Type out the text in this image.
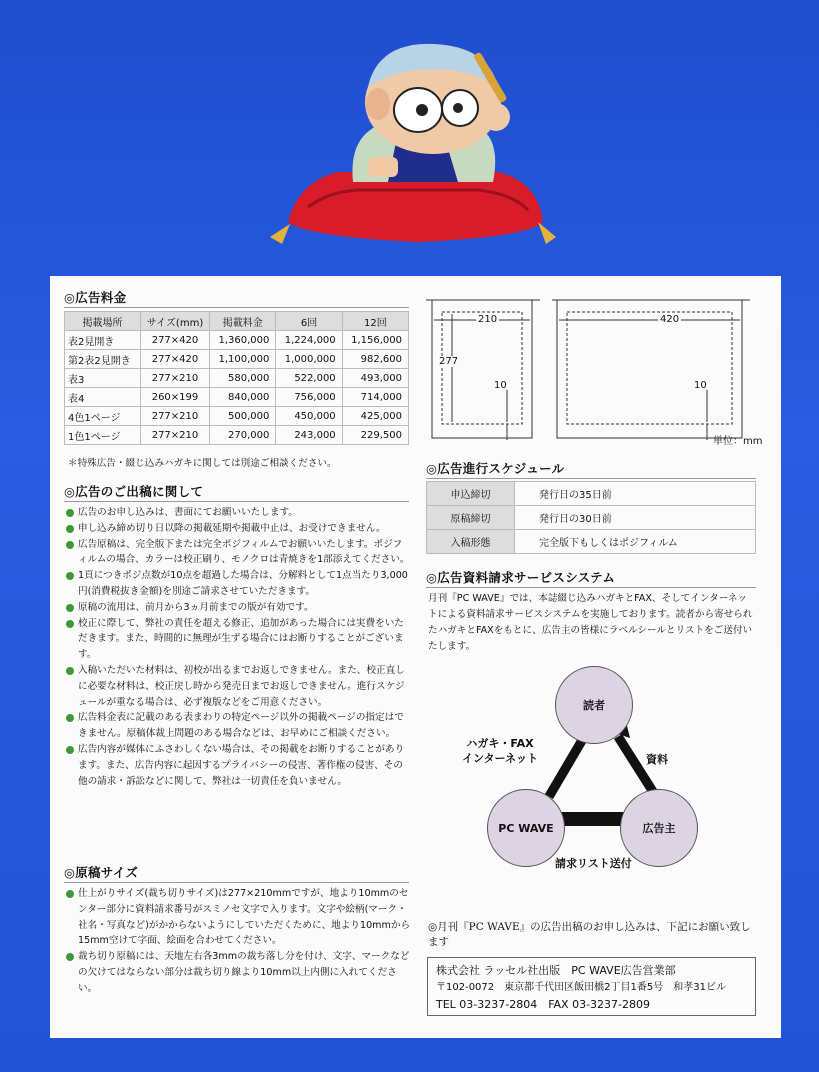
◎広告料金
掲載場所	サイズ(mm)	掲載料金	6回	12回
表2見開き	277×420	1,360,000	1,224,000	1,156,000
第2表2見開き	277×420	1,100,000	1,000,000	982,600
表3	277×210	580,000	522,000	493,000
表4	260×199	840,000	756,000	714,000
4色1ページ	277×210	500,000	450,000	425,000
1色1ページ	277×210	270,000	243,000	229,500
＊特殊広告・綴じ込みハガキに関しては別途ご相談ください。
◎広告のご出稿に関して
広告のお申し込みは、書面にてお願いいたします。
申し込み締め切り日以降の掲載延期や掲載中止は、お受けできません。
広告原稿は、完全版下または完全ポジフィルムでお願いいたします。ポジフィルムの場合、カラーは校正刷り、モノクロは青焼きを1部添えてください。
1頁につきポジ点数が10点を超過した場合は、分解料として1点当たり3,000円(消費税抜き金額)を別途ご請求させていただきます。
原稿の流用は、前月から3ヵ月前までの版が有効です。
校正に際して、弊社の責任を超える修正、追加があった場合には実費をいただきます。また、時間的に無理が生ずる場合にはお断りすることがございます。
入稿いただいた材料は、初校が出るまでお返しできません。また、校正直しに必要な材料は、校正戻し時から発売日までお返しできません。進行スケジュールが重なる場合は、必ず複版などをご用意ください。
広告料金表に記載のある表まわりの特定ページ以外の掲載ページの指定はできません。原稿体裁上問題のある場合などは、お早めにご相談ください。
広告内容が媒体にふさわしくない場合は、その掲載をお断りすることがあります。また、広告内容に起因するプライバシーの侵害、著作権の侵害、その他の請求・訴訟などに関して、弊社は一切責任を負いません。
◎原稿サイズ
仕上がりサイズ(裁ち切りサイズ)は277×210mmですが、地より10mmのセンター部分に資料請求番号がスミノセ文字で入ります。文字や絵柄(マーク・社名・写真など)がかからないようにしていただくために、地より10mmから15mm空けて字面、絵面を合わせてください。
裁ち切り原稿には、天地左右各3mmの裁ち落し分を付け、文字、マークなどの欠けてはならない部分は裁ち切り線より10mm以上内側に入れてください。
210	420
277
10	10
単位：mm
◎広告進行スケジュール
申込締切	発行日の35日前
原稿締切	発行日の30日前
入稿形態	完全版下もしくはポジフィルム
◎広告資料請求サービスシステム
月刊『PC WAVE』では、本誌綴じ込みハガキとFAX、そしてインターネットによる資料請求サービスシステムを実施しております。読者から寄せられたハガキとFAXをもとに、広告主の皆様にラベルシールとリストをご送付いたします。
読者
PC WAVE	広告主
ハガキ・FAX
インターネット	資料
請求リスト送付
◎月刊『PC WAVE』の広告出稿のお申し込みは、下記にお願い致します
株式会社 ラッセル社出版　PC WAVE広告営業部
〒102-0072　東京都千代田区飯田橋2丁目1番5号　和孝31ビル
TEL 03-3237-2804　FAX 03-3237-2809
